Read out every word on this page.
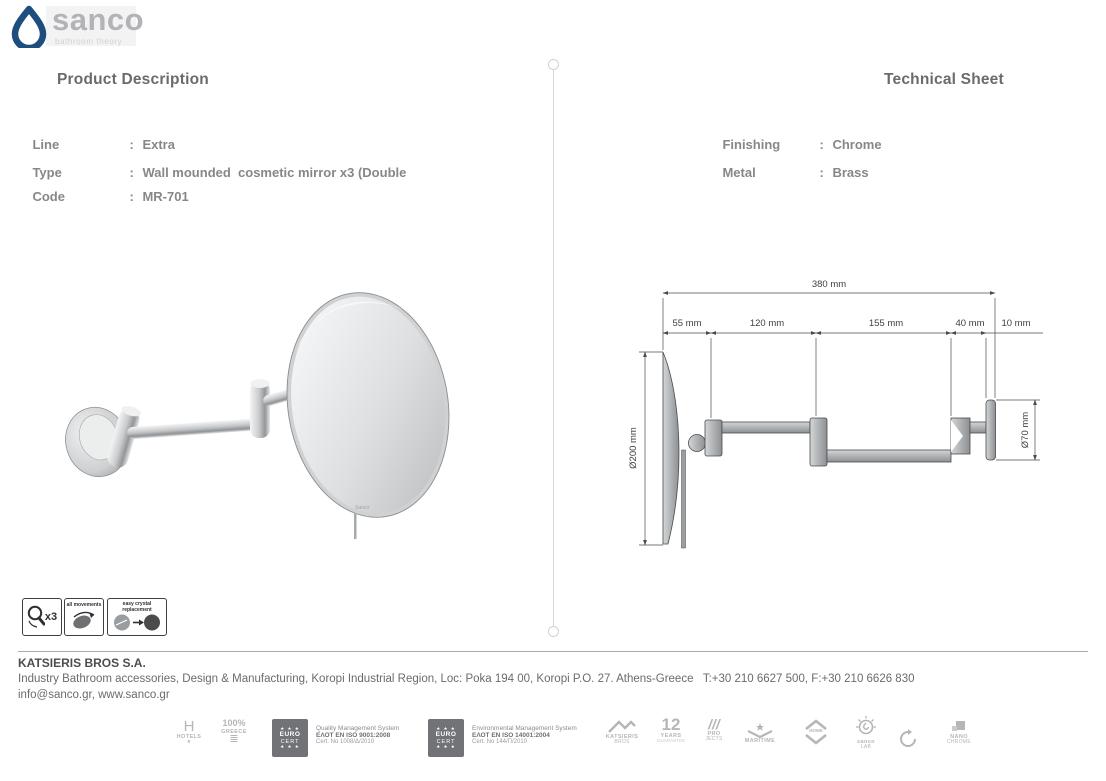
sanco
bathroom theory
Product Description	Technical Sheet

Line	: Extra

Type	: Wall mounded  cosmetic mirror x3 (Double

Code	: MR-701

Finishing	: Chrome

Metal	: Brass

Sanco
380 mm
55 mm	120 mm	155 mm	40 mm 10 mm
Ø200 mm	Ø70 mm
x3
all movements	easy crystal
replacement
KATSIERIS BROS S.A.
Industry Bathroom accessories, Design & Manufacturing, Koropi Industrial Region, Loc: Poka 194 00, Koropi P.O. 27. Athens-Greece   T:+30 210 6627 500, F:+30 210 6626 830
info@sanco.gr, www.sanco.gr
H
HOTELS
★
100%
GREECE
≣
★ ★ ★
EURO
CERT
★ ★ ★
Quality Management System
ΕΛΟΤ EN ISO 9001:2008
Cert. No 1008/Δ/2010
★ ★ ★
EURO
CERT
★ ★ ★
Environmental Management System
ΕΛΟΤ EN ISO 14001:2004
Cert. No 144/Π/2010
KATSIERIS
BROS
12
YEARS
GUARANTEE
///
PRO
JECTS	MARITIME
HOME
sanco
LAB
NANO
CHROME
